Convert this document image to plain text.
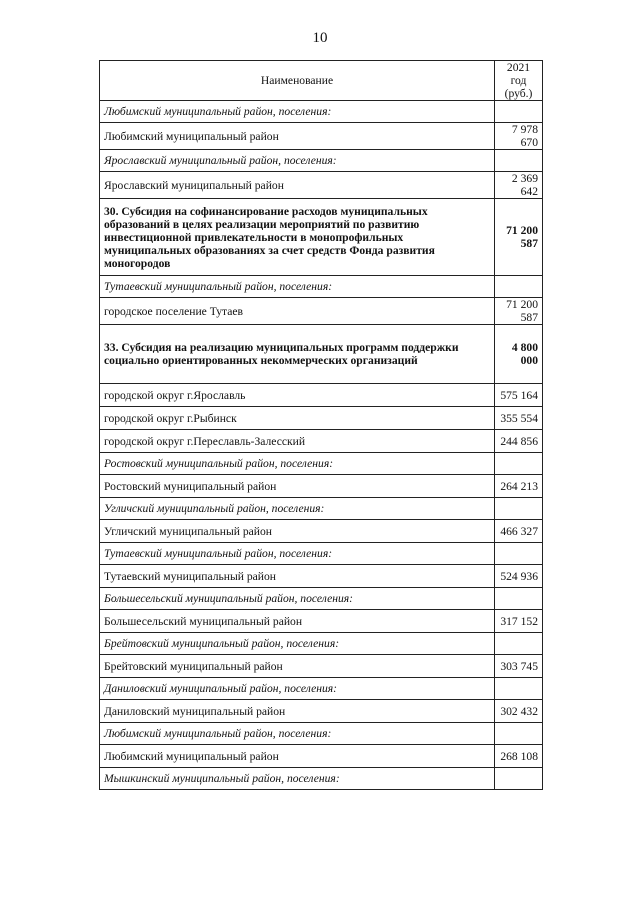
10
Наименование	2021 год
(руб.)
Любимский муниципальный район, поселения:	
Любимский муниципальный район	7 978 670
Ярославский муниципальный район, поселения:	
Ярославский муниципальный район	2 369 642
30. Субсидия на софинансирование расходов муниципальных образований в целях реализации мероприятий по развитию инвестиционной привлекательности в монопрофильных муниципальных образованиях за счет средств Фонда развития моногородов	71 200 587
Тутаевский муниципальный район, поселения:	
городское поселение Тутаев	71 200 587
33. Субсидия на реализацию муниципальных программ поддержки социально ориентированных некоммерческих организаций	4 800 000
городской округ г.Ярославль	575 164
городской округ г.Рыбинск	355 554
городской округ г.Переславль-Залесский	244 856
Ростовский муниципальный район, поселения:	
Ростовский муниципальный район	264 213
Угличский муниципальный район, поселения:	
Угличский муниципальный район	466 327
Тутаевский муниципальный район, поселения:	
Тутаевский муниципальный район	524 936
Большесельский муниципальный район, поселения:	
Большесельский муниципальный район	317 152
Брейтовский муниципальный район, поселения:	
Брейтовский муниципальный район	303 745
Даниловский муниципальный район, поселения:	
Даниловский муниципальный район	302 432
Любимский муниципальный район, поселения:	
Любимский муниципальный район	268 108
Мышкинский муниципальный район, поселения:	
